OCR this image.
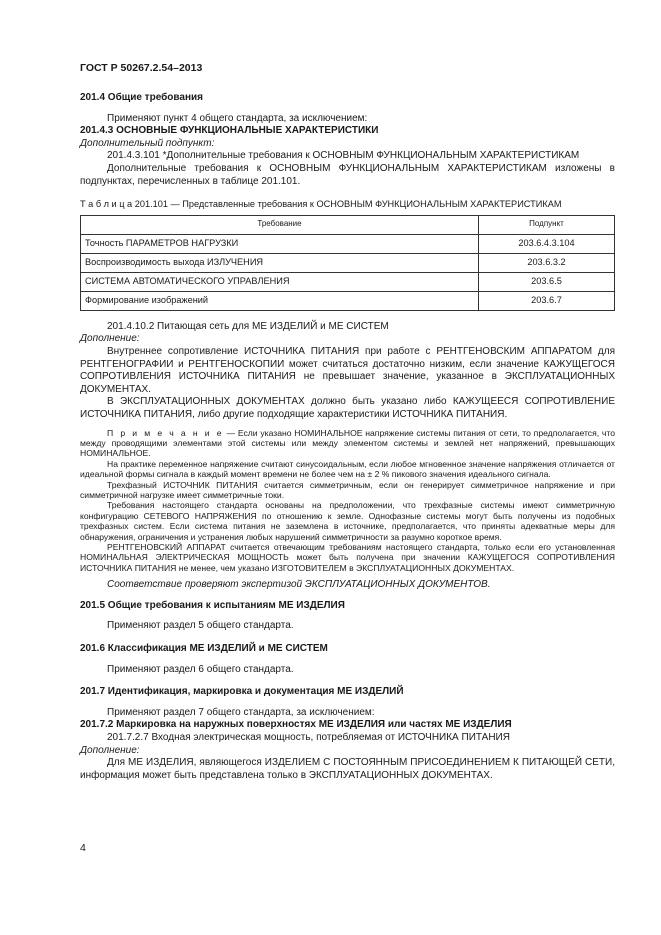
ГОСТ Р 50267.2.54–2013

201.4 Общие требования

Применяют пункт 4 общего стандарта, за исключением:

201.4.3 ОСНОВНЫЕ ФУНКЦИОНАЛЬНЫЕ ХАРАКТЕРИСТИКИ

Дополнительный подпункт:

201.4.3.101 *Дополнительные требования к ОСНОВНЫМ ФУНКЦИОНАЛЬНЫМ ХАРАКТЕРИСТИКАМ

Дополнительные требования к ОСНОВНЫМ ФУНКЦИОНАЛЬНЫМ ХАРАКТЕРИСТИКАМ изложены в подпунктах, перечисленных в таблице 201.101.

Т а б л и ц а 201.101 — Представленные требования к ОСНОВНЫМ ФУНКЦИОНАЛЬНЫМ ХАРАКТЕРИСТИКАМ

Требование	Подпункт
Точность ПАРАМЕТРОВ НАГРУЗКИ	203.6.4.3.104
Воспроизводимость выхода ИЗЛУЧЕНИЯ	203.6.3.2
СИСТЕМА АВТОМАТИЧЕСКОГО УПРАВЛЕНИЯ	203.6.5
Формирование изображений	203.6.7

201.4.10.2 Питающая сеть для МЕ ИЗДЕЛИЙ и МЕ СИСТЕМ

Дополнение:

Внутреннее сопротивление ИСТОЧНИКА ПИТАНИЯ при работе с РЕНТГЕНОВСКИМ АППАРАТОМ для РЕНТГЕНОГРАФИИ и РЕНТГЕНОСКОПИИ может считаться достаточно низким, если значение КАЖУЩЕГОСЯ СОПРОТИВЛЕНИЯ ИСТОЧНИКА ПИТАНИЯ не превышает значение, указанное в ЭКСПЛУАТАЦИОННЫХ ДОКУМЕНТАХ.

В ЭКСПЛУАТАЦИОННЫХ ДОКУМЕНТАХ должно быть указано либо КАЖУЩЕЕСЯ СОПРОТИВЛЕНИЕ ИСТОЧНИКА ПИТАНИЯ, либо другие подходящие характеристики ИСТОЧНИКА ПИТАНИЯ.

П р и м е ч а н и е — Если указано НОМИНАЛЬНОЕ напряжение системы питания от сети, то предполагается, что между проводящими элементами этой системы или между элементом системы и землей нет напряжений, превышающих НОМИНАЛЬНОЕ.

На практике переменное напряжение считают синусоидальным, если любое мгновенное значение напряжения отличается от идеальной формы сигнала в каждый момент времени не более чем на ± 2 % пикового значения идеального сигнала.

Трехфазный ИСТОЧНИК ПИТАНИЯ считается симметричным, если он генерирует симметричное напряжение и при симметричной нагрузке имеет симметричные токи.

Требования настоящего стандарта основаны на предположении, что трехфазные системы имеют симметричную конфигурацию СЕТЕВОГО НАПРЯЖЕНИЯ по отношению к земле. Однофазные системы могут быть получены из подобных трехфазных систем. Если система питания не заземлена в источнике, предполагается, что приняты адекватные меры для обнаружения, ограничения и устранения любых нарушений симметричности за разумно короткое время.

РЕНТГЕНОВСКИЙ АППАРАТ считается отвечающим требованиям настоящего стандарта, только если его установленная НОМИНАЛЬНАЯ ЭЛЕКТРИЧЕСКАЯ МОЩНОСТЬ может быть получена при значении КАЖУЩЕГОСЯ СОПРОТИВЛЕНИЯ ИСТОЧНИКА ПИТАНИЯ не менее, чем указано ИЗГОТОВИТЕЛЕМ в ЭКСПЛУАТАЦИОННЫХ ДОКУМЕНТАХ.

Соответствие проверяют экспертизой ЭКСПЛУАТАЦИОННЫХ ДОКУМЕНТОВ.

201.5 Общие требования к испытаниям МЕ ИЗДЕЛИЯ

Применяют раздел 5 общего стандарта.

201.6 Классификация МЕ ИЗДЕЛИЙ и МЕ СИСТЕМ

Применяют раздел 6 общего стандарта.

201.7 Идентификация, маркировка и документация МЕ ИЗДЕЛИЙ

Применяют раздел 7 общего стандарта, за исключением:

201.7.2 Маркировка на наружных поверхностях МЕ ИЗДЕЛИЯ или частях МЕ ИЗДЕЛИЯ

201.7.2.7 Входная электрическая мощность, потребляемая от ИСТОЧНИКА ПИТАНИЯ

Дополнение:

Для МЕ ИЗДЕЛИЯ, являющегося ИЗДЕЛИЕМ С ПОСТОЯННЫМ ПРИСОЕДИНЕНИЕМ К ПИТАЮЩЕЙ СЕТИ, информация может быть представлена только в ЭКСПЛУАТАЦИОННЫХ ДОКУМЕНТАХ.

4
